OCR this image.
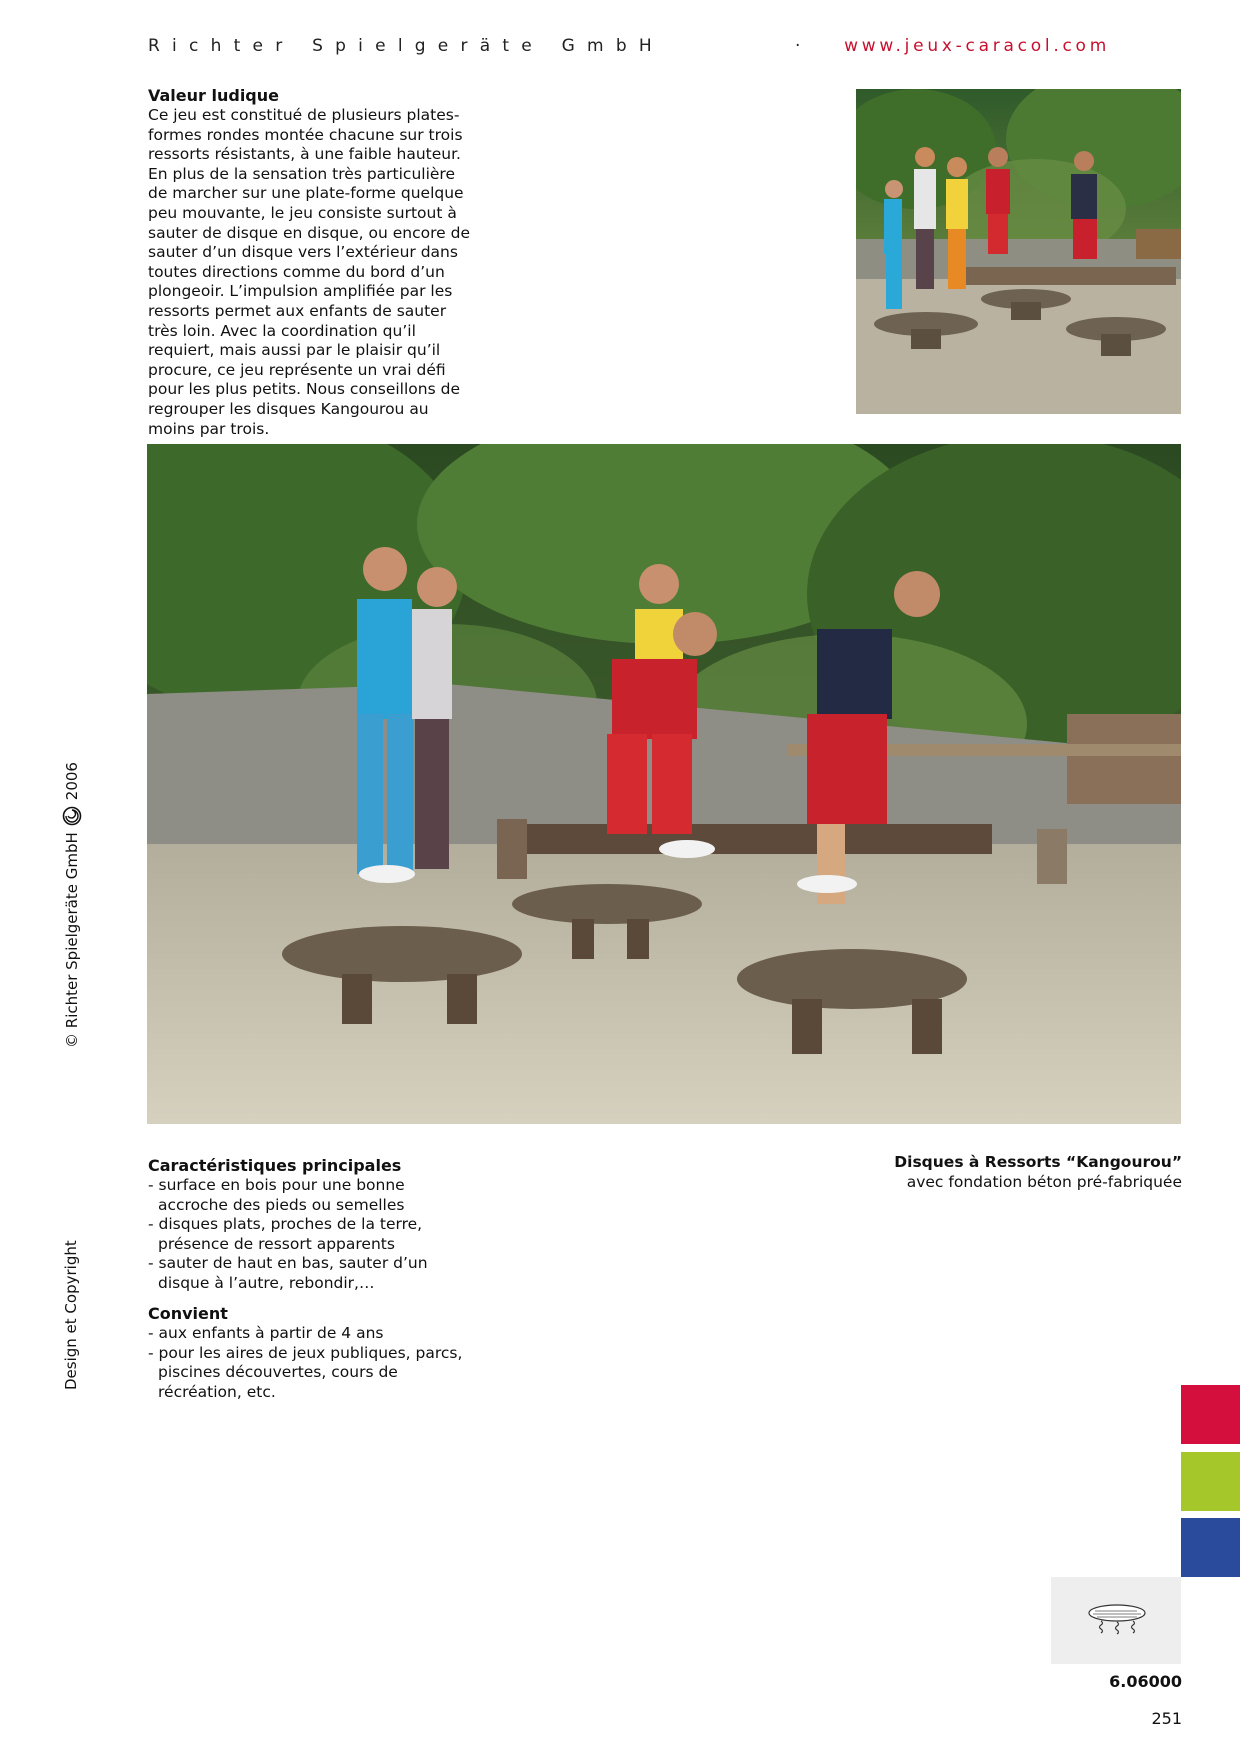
Richter Spielgeräte GmbH	· www.jeux-caracol.com
Valeur ludique
Ce jeu est constitué de plusieurs plates-formes rondes montée chacune sur trois ressorts résistants, à une faible hauteur. En plus de la sensation très particulière de marcher sur une plate-forme quelque peu mouvante, le jeu consiste surtout à sauter de disque en disque, ou encore de sauter d’un disque vers l’extérieur dans toutes directions comme du bord d’un plongeoir. L’impulsion amplifiée par les ressorts permet aux enfants de sauter très loin. Avec la coordination qu’il requiert, mais aussi par le plaisir qu’il procure, ce jeu représente un vrai défi pour les plus petits. Nous conseillons de regrouper les disques Kangourou au moins par trois.
Caractéristiques principales
- surface en bois pour une bonne accroche des pieds ou semelles
- disques plats, proches de la terre, présence de ressort apparents
- sauter de haut en bas, sauter d’un disque à l’autre, rebondir,…
Convient
- aux enfants à partir de 4 ans
- pour les aires de jeux publiques, parcs, piscines découvertes, cours de récréation, etc.
Disques à Ressorts “Kangourou”
avec fondation béton pré-fabriquée
© Richter Spielgeräte GmbH
2006
Design et Copyright
6.06000
251
